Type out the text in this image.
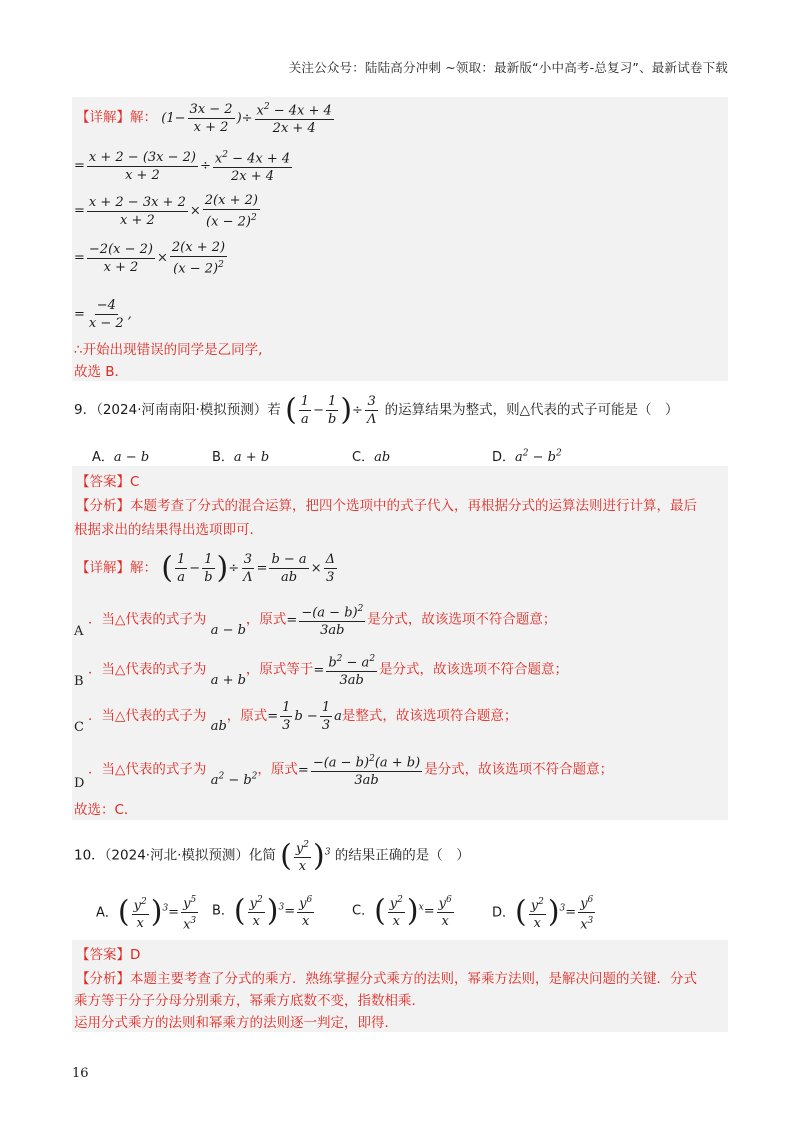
关注公众号：陆陆高分冲刺 ~领取：最新版“小中高考-总复习”、最新试卷下载
【详解】解： ($1- \frac{3x - 2}{x + 2}$ )÷ $\frac{x^2 - 4x + 4}{2x + 4}$
= $\frac{x + 2 - (3x - 2)}{x + 2} \div \frac{x^2 - 4x + 4}{2x + 4}$
= $\frac{x + 2 - 3x + 2}{x + 2} \times \frac{2(x + 2)}{(x - 2)^2}$
= $\frac{-2(x - 2)}{x + 2} \times \frac{2(x + 2)}{(x - 2)^2}$
= $\frac{-4}{x - 2}$ ,
∴开始出现错误的同学是乙同学,
故选 B．
9．（2024·河南南阳·模拟预测）若 ( $\frac{1}{a} - \frac{1}{b}$ )÷ $\frac{3}{\Lambda}$ 的运算结果为整式，则△代表的式子可能是（　）
A．a − b	B．a + b	C．ab	D．$a^2 - b^2$
【答案】C
【分析】本题考查了分式的混合运算，把四个选项中的式子代入，再根据分式的运算法则进行计算，最后
根据求出的结果得出选项即可．
【详解】解： ( $\frac{1}{a} - \frac{1}{b}$ )÷ $\frac{3}{\Lambda} = \frac{b - a}{ab} \times \frac{\Delta}{3}$
A
．当△代表的式子为 a − b，原式= $\frac{-(a - b)^2}{3ab}$ 是分式，故该选项不符合题意；
B
．当△代表的式子为 a + b，原式等于= $\frac{b^2 - a^2}{3ab}$ 是分式，故该选项不符合题意；
C
．当△代表的式子为 ab，原式= $\frac{1}{3}$ $b - \frac{1}{3}$ a是整式，故该选项符合题意；
D
．当△代表的式子为 $a^2 - b^2$，原式= $\frac{-(a - b)^2(a + b)}{3ab}$ 是分式，故该选项不符合题意；
故选：C．
10．（2024·河北·模拟预测）化简 ( $\frac{y^2}{x} )^3$ 的结果正确的是（　）
A．( $\frac{y^2}{x} )^3= \frac{y^5}{x^3}$ B．( $\frac{y^2}{x} )^3= \frac{y^6}{x}$	C．( $\frac{y^2}{x} )^x= \frac{y^6}{x}$	D．( $\frac{y^2}{x} )^3= \frac{y^6}{x^3}$
【答案】D
【分析】本题主要考查了分式的乘方．熟练掌握分式乘方的法则，幂乘方法则，是解决问题的关键．分式
乘方等于分子分母分别乘方，幂乘方底数不变，指数相乘．
运用分式乘方的法则和幂乘方的法则逐一判定，即得．
16
